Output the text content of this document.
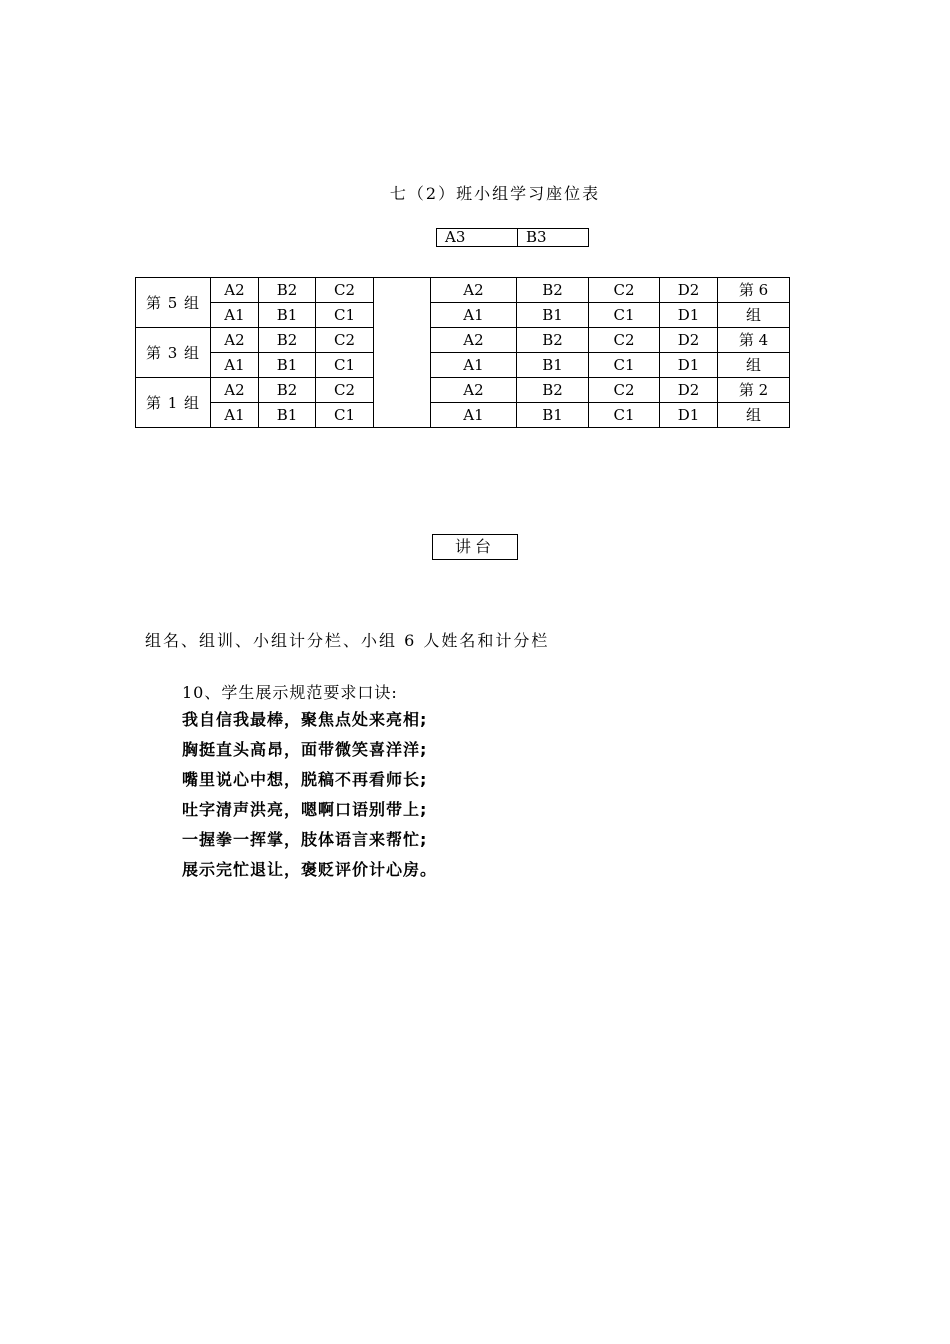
七（2）班小组学习座位表
A3	B3
第 5 组	A2	B2	C2		A2	B2	C2	D2	第 6
	A1	B1	C1		A1	B1	C1	D1	组
第 3 组	A2	B2	C2		A2	B2	C2	D2	第 4
	A1	B1	C1		A1	B1	C1	D1	组
第 1 组	A2	B2	C2		A2	B2	C2	D2	第 2
	A1	B1	C1		A1	B1	C1	D1	组
讲台
组名、组训、小组计分栏、小组 6 人姓名和计分栏
10、学生展示规范要求口诀:
我自信我最棒，聚焦点处来亮相;
胸挺直头高昂，面带微笑喜洋洋;
嘴里说心中想，脱稿不再看师长;
吐字清声洪亮，嗯啊口语别带上;
一握拳一挥掌，肢体语言来帮忙;
展示完忙退让，褒贬评价计心房。
